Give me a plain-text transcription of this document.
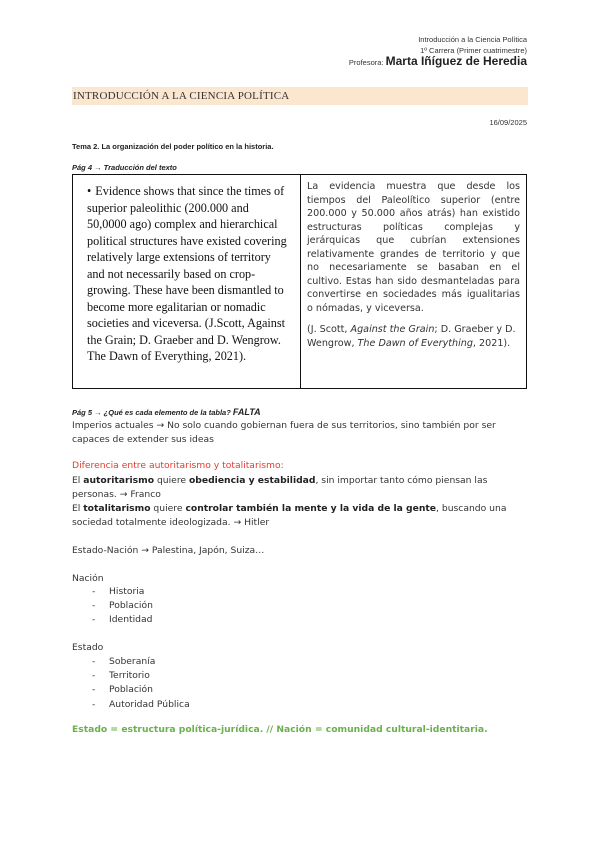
Introducción a la Ciencia Política
1º Carrera (Primer cuatrimestre)
Profesora: Marta Iñíguez de Heredia
INTRODUCCIÓN A LA CIENCIA POLÍTICA
16/09/2025
Tema 2. La organización del poder político en la historia.
Pág 4 → Traducción del texto
• Evidence shows that since the times of superior paleolithic (200.000 and 50,0000 ago) complex and hierarchical political structures have existed covering relatively large extensions of territory and not necessarily based on crop-growing. These have been dismantled to become more egalitarian or nomadic societies and viceversa. (J.Scott, Against the Grain; D. Graeber and D. Wengrow. The Dawn of Everything, 2021).

La evidencia muestra que desde los tiempos del Paleolítico superior (entre 200.000 y 50.000 años atrás) han existido estructuras políticas complejas y jerárquicas que cubrían extensiones relativamente grandes de territorio y que no necesariamente se basaban en el cultivo. Estas han sido desmanteladas para convertirse en sociedades más igualitarias o nómadas, y viceversa.

(J. Scott, Against the Grain; D. Graeber y D. Wengrow, The Dawn of Everything, 2021).

Pág 5 → ¿Qué es cada elemento de la tabla? FALTA
Imperios actuales → No solo cuando gobiernan fuera de sus territorios, sino también por ser capaces de extender sus ideas
Diferencia entre autoritarismo y totalitarismo:
El autoritarismo quiere obediencia y estabilidad, sin importar tanto cómo piensan las personas. → Franco
El totalitarismo quiere controlar también la mente y la vida de la gente, buscando una sociedad totalmente ideologizada. → Hitler
Estado-Nación → Palestina, Japón, Suiza…
Nación
- Historia
- Población
- Identidad
Estado
- Soberanía
- Territorio
- Población
- Autoridad Pública
Estado = estructura política-jurídica. // Nación = comunidad cultural-identitaria.
